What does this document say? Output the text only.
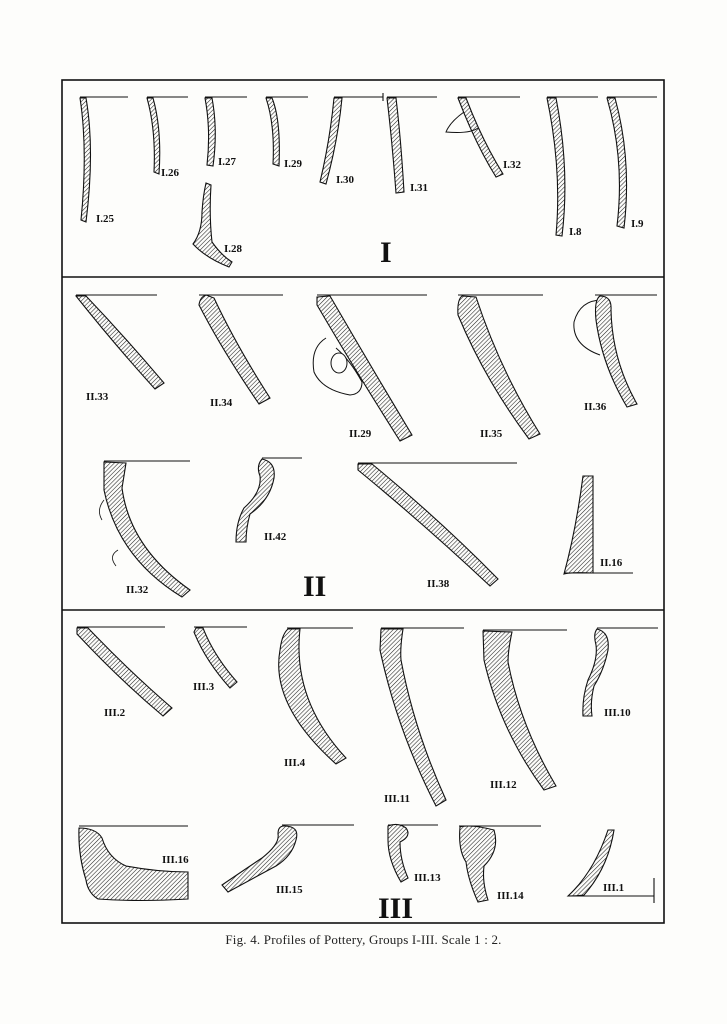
I.25
I.26
I.27
I.28
I.29
I.30
I.31
I.32
I.8
I.9
I
II.33	II.34
II.29	II.35
II.36
II.32
II.42
II.38
II.16
II
III.2
III.3
III.4
III.11
III.12
III.10
III.16
III.15
III.13
III.14
III.1
III
Fig. 4. Profiles of Pottery, Groups I-III. Scale 1 : 2.
